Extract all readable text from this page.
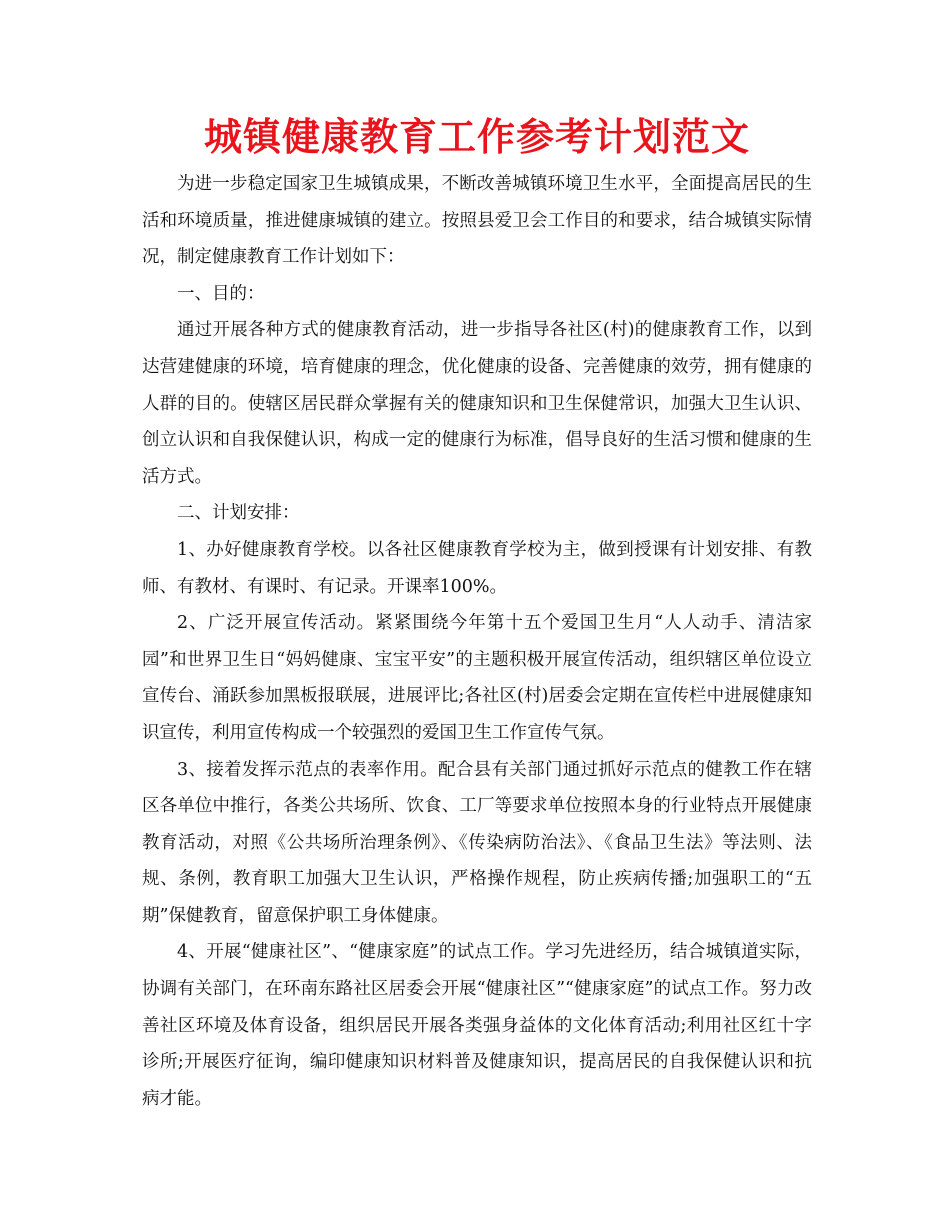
城镇健康教育工作参考计划范文

为进一步稳定国家卫生城镇成果，不断改善城镇环境卫生水平，全面提高居民的生活和环境质量，推进健康城镇的建立。按照县爱卫会工作目的和要求，结合城镇实际情况，制定健康教育工作计划如下：

一、目的：

通过开展各种方式的健康教育活动，进一步指导各社区(村)的健康教育工作，以到达营建健康的环境，培育健康的理念，优化健康的设备、完善健康的效劳，拥有健康的人群的目的。使辖区居民群众掌握有关的健康知识和卫生保健常识，加强大卫生认识、创立认识和自我保健认识，构成一定的健康行为标准，倡导良好的生活习惯和健康的生活方式。

二、计划安排：

1、办好健康教育学校。以各社区健康教育学校为主，做到授课有计划安排、有教师、有教材、有课时、有记录。开课率100%。

2、广泛开展宣传活动。紧紧围绕今年第十五个爱国卫生月“人人动手、清洁家园”和世界卫生日“妈妈健康、宝宝平安”的主题积极开展宣传活动，组织辖区单位设立宣传台、涌跃参加黑板报联展，进展评比;各社区(村)居委会定期在宣传栏中进展健康知识宣传，利用宣传构成一个较强烈的爱国卫生工作宣传气氛。

3、接着发挥示范点的表率作用。配合县有关部门通过抓好示范点的健教工作在辖区各单位中推行，各类公共场所、饮食、工厂等要求单位按照本身的行业特点开展健康教育活动，对照《公共场所治理条例》、《传染病防治法》、《食品卫生法》等法则、法规、条例，教育职工加强大卫生认识，严格操作规程，防止疾病传播;加强职工的“五期”保健教育，留意保护职工身体健康。

4、开展“健康社区”、“健康家庭”的试点工作。学习先进经历，结合城镇道实际，协调有关部门，在环南东路社区居委会开展“健康社区”“健康家庭”的试点工作。努力改善社区环境及体育设备，组织居民开展各类强身益体的文化体育活动;利用社区红十字诊所;开展医疗征询，编印健康知识材料普及健康知识，提高居民的自我保健认识和抗病才能。
